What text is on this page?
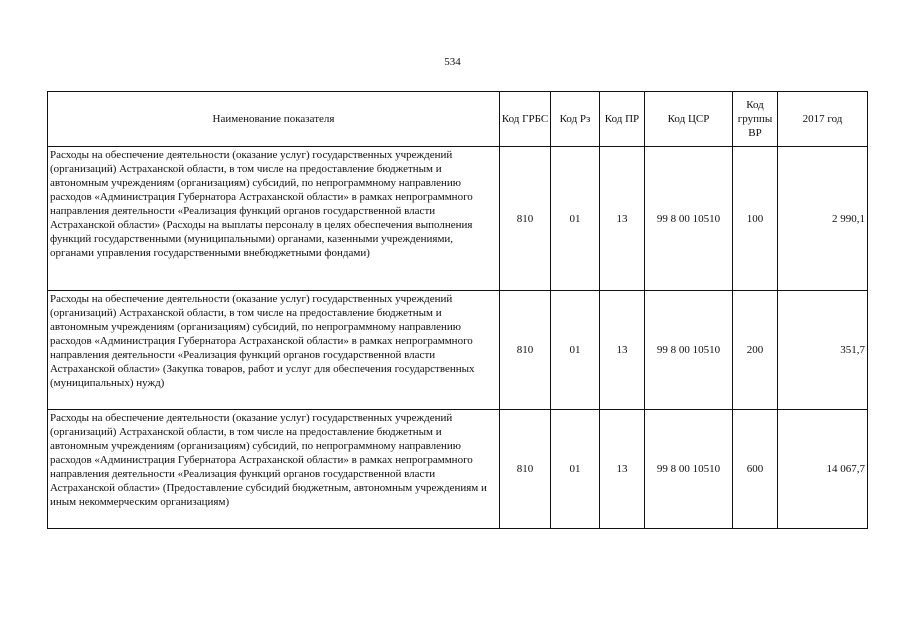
534
Наименование показателя	Код ГРБС	Код Рз	Код ПР	Код ЦСР	Код группы ВР	2017 год
Расходы на обеспечение деятельности (оказание услуг) государственных учреждений (организаций) Астраханской области, в том числе на предоставление бюджетным и автономным учреждениям (организациям) субсидий, по непрограммному направлению расходов «Администрация Губернатора Астраханской области» в рамках непрограммного направления деятельности «Реализация функций органов государственной власти Астраханской области» (Расходы на выплаты персоналу в целях обеспечения выполнения функций государственными (муниципальными) органами, казенными учреждениями, органами управления государственными внебюджетными фондами)	810	01	13	99 8 00 10510	100	2 990,1
Расходы на обеспечение деятельности (оказание услуг) государственных учреждений (организаций) Астраханской области, в том числе на предоставление бюджетным и автономным учреждениям (организациям) субсидий, по непрограммному направлению расходов «Администрация Губернатора Астраханской области» в рамках непрограммного направления деятельности «Реализация функций органов государственной власти Астраханской области» (Закупка товаров, работ и услуг для обеспечения государственных (муниципальных) нужд)	810	01	13	99 8 00 10510	200	351,7
Расходы на обеспечение деятельности (оказание услуг) государственных учреждений (организаций) Астраханской области, в том числе на предоставление бюджетным и автономным учреждениям (организациям) субсидий, по непрограммному направлению расходов «Администрация Губернатора Астраханской области» в рамках непрограммного направления деятельности «Реализация функций органов государственной власти Астраханской области» (Предоставление субсидий бюджетным, автономным учреждениям и иным некоммерческим организациям)	810	01	13	99 8 00 10510	600	14 067,7
